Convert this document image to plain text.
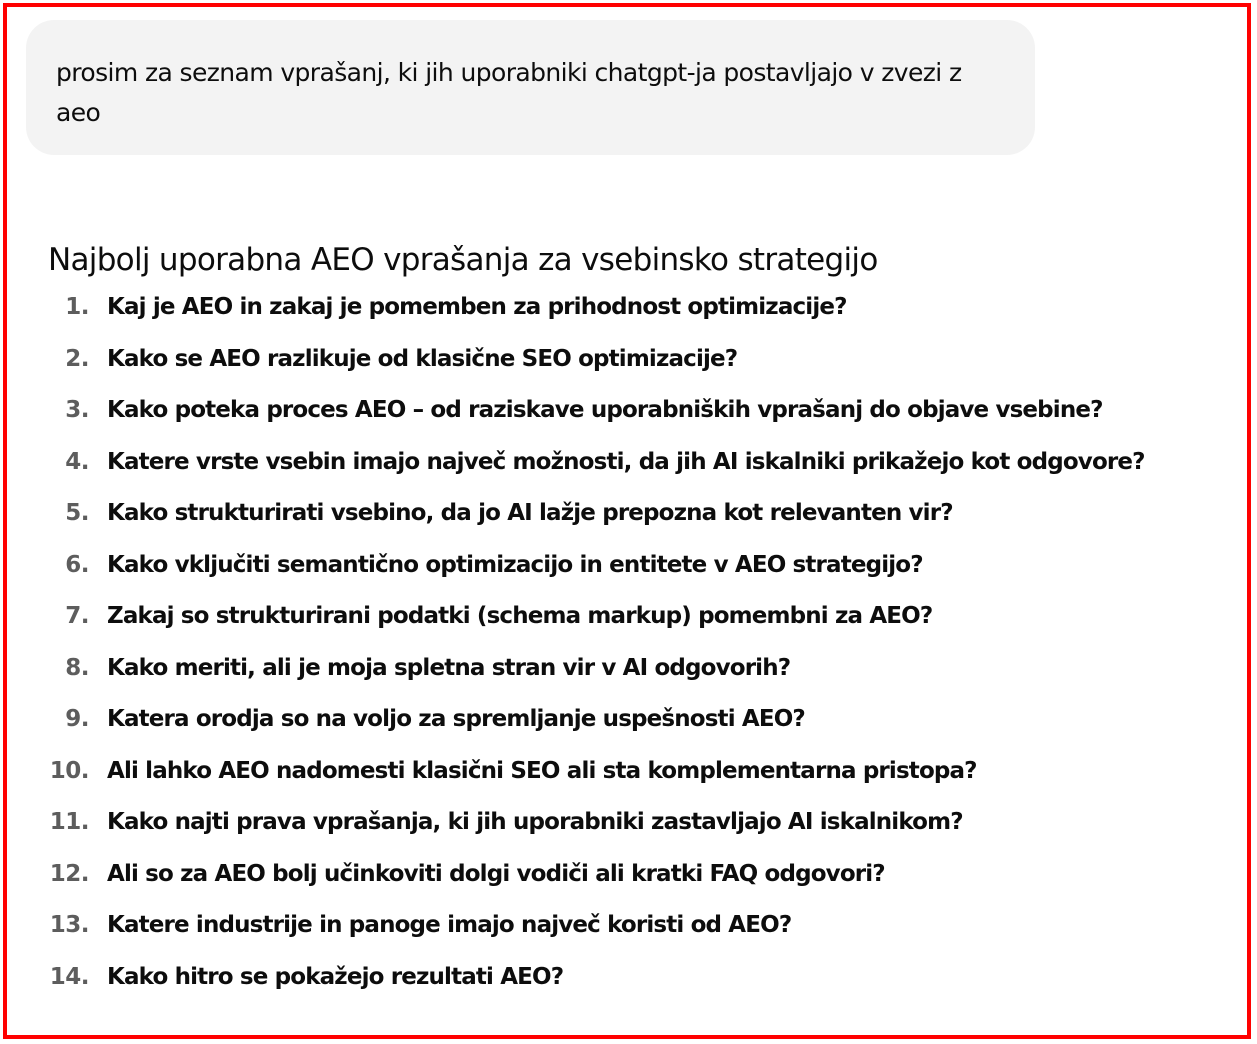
prosim za seznam vprašanj, ki jih uporabniki chatgpt-ja postavljajo v zvezi z aeo
Najbolj uporabna AEO vprašanja za vsebinsko strategijo
1. Kaj je AEO in zakaj je pomemben za prihodnost optimizacije?
2. Kako se AEO razlikuje od klasične SEO optimizacije?
3. Kako poteka proces AEO – od raziskave uporabniških vprašanj do objave vsebine?
4. Katere vrste vsebin imajo največ možnosti, da jih AI iskalniki prikažejo kot odgovore?
5. Kako strukturirati vsebino, da jo AI lažje prepozna kot relevanten vir?
6. Kako vključiti semantično optimizacijo in entitete v AEO strategijo?
7. Zakaj so strukturirani podatki (schema markup) pomembni za AEO?
8. Kako meriti, ali je moja spletna stran vir v AI odgovorih?
9. Katera orodja so na voljo za spremljanje uspešnosti AEO?
10. Ali lahko AEO nadomesti klasični SEO ali sta komplementarna pristopa?
11. Kako najti prava vprašanja, ki jih uporabniki zastavljajo AI iskalnikom?
12. Ali so za AEO bolj učinkoviti dolgi vodiči ali kratki FAQ odgovori?
13. Katere industrije in panoge imajo največ koristi od AEO?
14. Kako hitro se pokažejo rezultati AEO?
